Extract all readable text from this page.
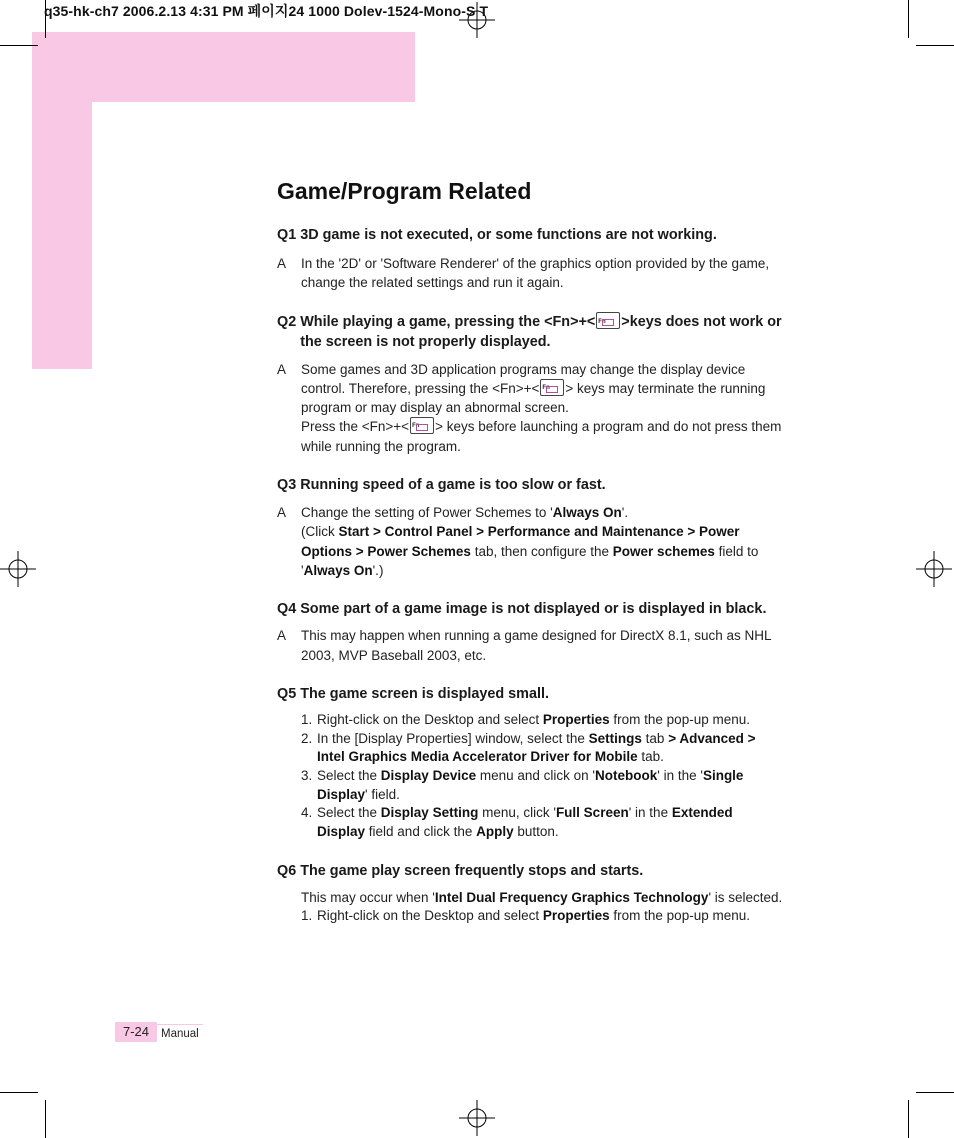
q35-hk-ch7 2006.2.13 4:31 PM 페이지24 1000 Dolev-1524-Mono-S T
Game/Program Related
Q1 3D game is not executed, or some functions are not working.
A	In the '2D' or 'Software Renderer' of the graphics option provided by the game, change the related settings and run it again.
Q2 While playing a game, pressing the <Fn>+< Fn >keys does not work or the screen is not properly displayed.
A	Some games and 3D application programs may change the display device control. Therefore, pressing the <Fn>+< Fn > keys may terminate the running program or may display an abnormal screen.
Press the <Fn>+< Fn > keys before launching a program and do not press them while running the program.
Q3 Running speed of a game is too slow or fast.
A	Change the setting of Power Schemes to 'Always On'.
(Click Start > Control Panel > Performance and Maintenance > Power Options > Power Schemes tab, then configure the Power schemes field to 'Always On'.)
Q4 Some part of a game image is not displayed or is displayed in black.
A	This may happen when running a game designed for DirectX 8.1, such as NHL 2003, MVP Baseball 2003, etc.
Q5 The game screen is displayed small.
1. Right-click on the Desktop and select Properties from the pop-up menu.
2. In the [Display Properties] window, select the Settings tab > Advanced > Intel Graphics Media Accelerator Driver for Mobile tab.
3. Select the Display Device menu and click on 'Notebook' in the 'Single Display' field.
4. Select the Display Setting menu, click 'Full Screen' in the Extended Display field and click the Apply button.
Q6 The game play screen frequently stops and starts.
This may occur when 'Intel Dual Frequency Graphics Technology' is selected.
1. Right-click on the Desktop and select Properties from the pop-up menu.
7-24	Manual
